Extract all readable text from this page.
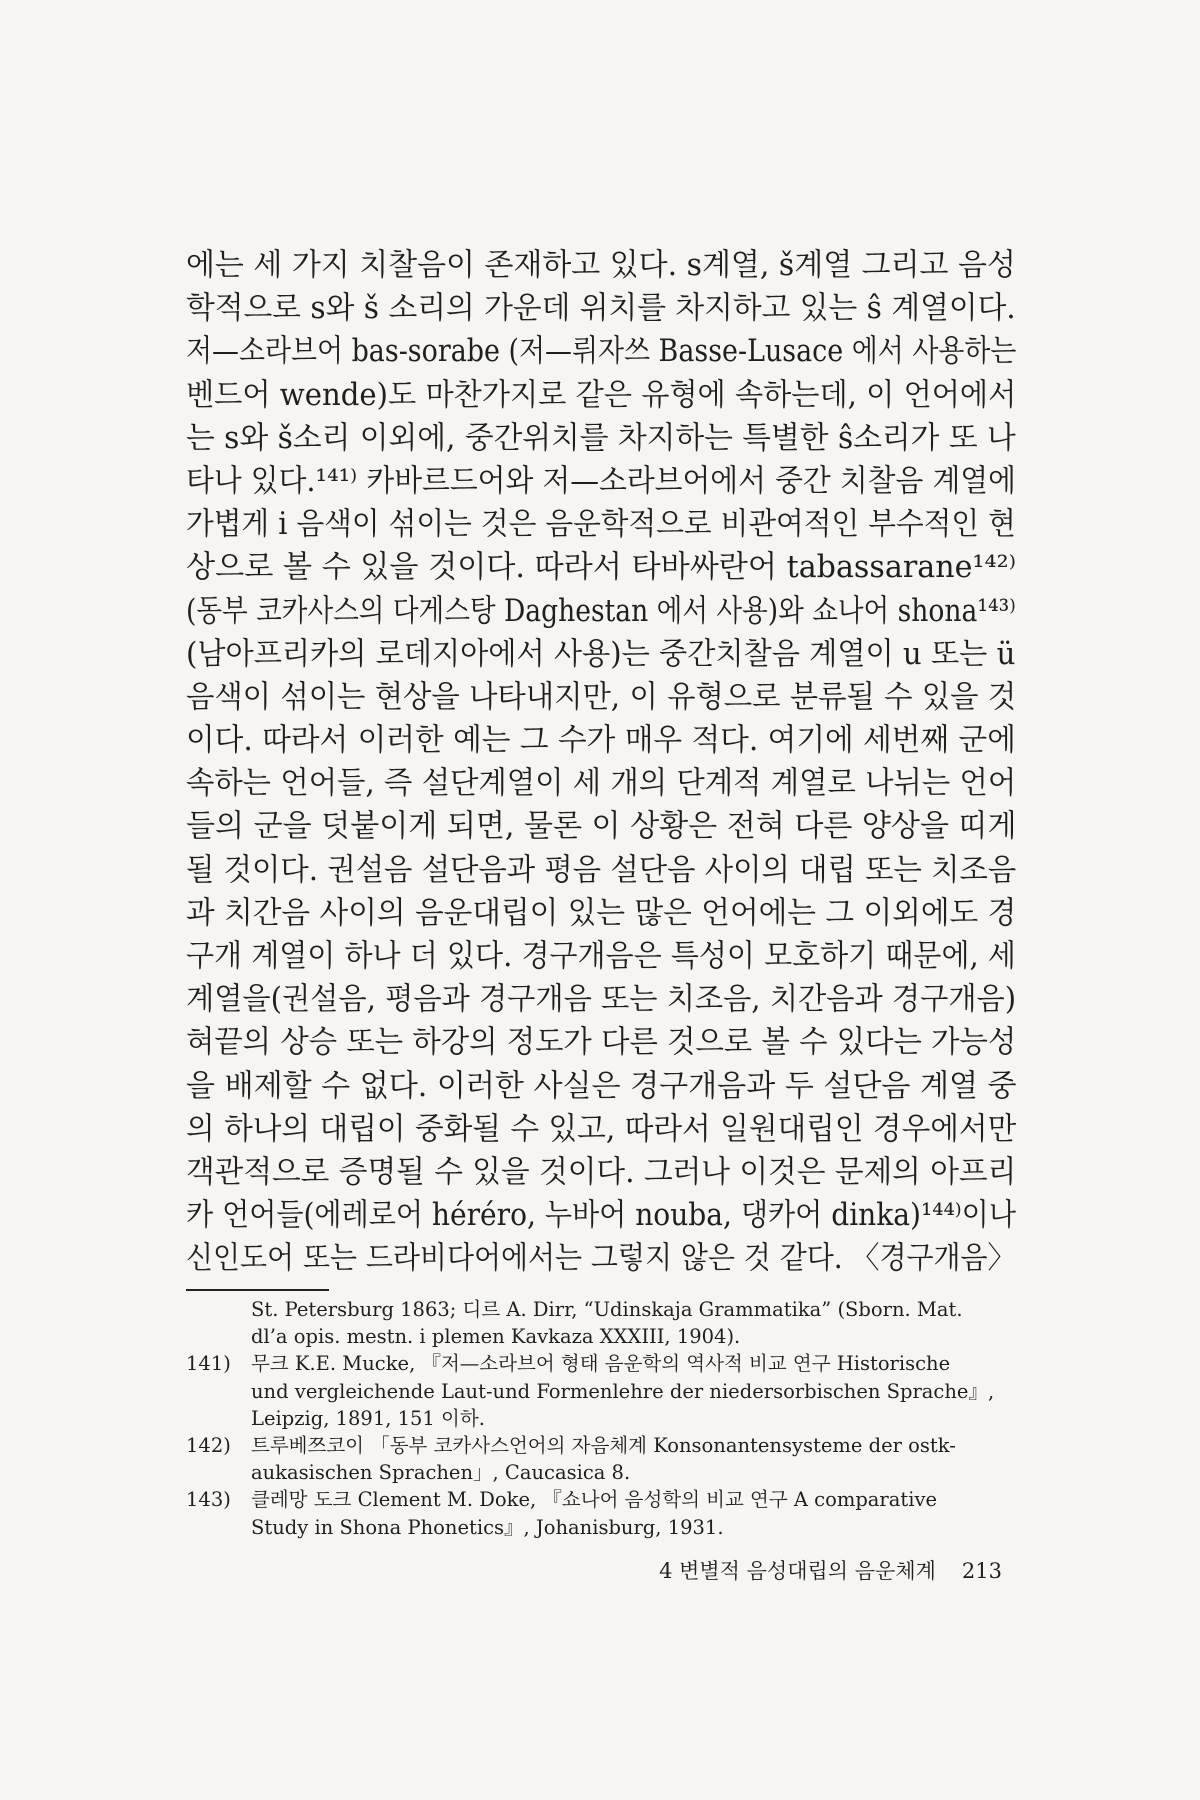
에는 세 가지 치찰음이 존재하고 있다. s계열, š계열 그리고 음성
학적으로 s와 š 소리의 가운데 위치를 차지하고 있는 ŝ 계열이다.
저—소라브어 bas-sorabe (저—뤼자쓰 Basse-Lusace 에서 사용하는
벤드어 wende)도 마찬가지로 같은 유형에 속하는데, 이 언어에서
는 s와 š소리 이외에, 중간위치를 차지하는 특별한 ŝ소리가 또 나
타나 있다.¹⁴¹⁾ 카바르드어와 저—소라브어에서 중간 치찰음 계열에
가볍게 i 음색이 섞이는 것은 음운학적으로 비관여적인 부수적인 현
상으로 볼 수 있을 것이다. 따라서 타바싸란어 tabassarane¹⁴²⁾
(동부 코카사스의 다게스탕 Daghestan 에서 사용)와 쇼나어 shona¹⁴³⁾
(남아프리카의 로데지아에서 사용)는 중간치찰음 계열이 u 또는 ü
음색이 섞이는 현상을 나타내지만, 이 유형으로 분류될 수 있을 것
이다. 따라서 이러한 예는 그 수가 매우 적다. 여기에 세번째 군에
속하는 언어들, 즉 설단계열이 세 개의 단계적 계열로 나뉘는 언어
들의 군을 덧붙이게 되면, 물론 이 상황은 전혀 다른 양상을 띠게
될 것이다. 권설음 설단음과 평음 설단음 사이의 대립 또는 치조음
과 치간음 사이의 음운대립이 있는 많은 언어에는 그 이외에도 경
구개 계열이 하나 더 있다. 경구개음은 특성이 모호하기 때문에, 세
계열을(권설음, 평음과 경구개음 또는 치조음, 치간음과 경구개음)
혀끝의 상승 또는 하강의 정도가 다른 것으로 볼 수 있다는 가능성
을 배제할 수 없다. 이러한 사실은 경구개음과 두 설단음 계열 중
의 하나의 대립이 중화될 수 있고, 따라서 일원대립인 경우에서만
객관적으로 증명될 수 있을 것이다. 그러나 이것은 문제의 아프리
카 언어들(에레로어 héréro, 누바어 nouba, 댕카어 dinka)¹⁴⁴⁾이나
신인도어 또는 드라비다어에서는 그렇지 않은 것 같다. 〈경구개음〉
St. Petersburg 1863; 디르 A. Dirr, “Udinskaja Grammatika” (Sborn. Mat.
dl’a opis. mestn. i plemen Kavkaza XXXIII, 1904).
141) 무크 K.E. Mucke, 『저—소라브어 형태 음운학의 역사적 비교 연구 Historische
und vergleichende Laut-und Formenlehre der niedersorbischen Sprache』,
Leipzig, 1891, 151 이하.
142) 트루베쯔코이 「동부 코카사스언어의 자음체계 Konsonantensysteme der ostk-
aukasischen Sprachen」, Caucasica 8.
143) 클레망 도크 Clement M. Doke, 『쇼나어 음성학의 비교 연구 A comparative
Study in Shona Phonetics』, Johanisburg, 1931.
4 변별적 음성대립의 음운체계 213
